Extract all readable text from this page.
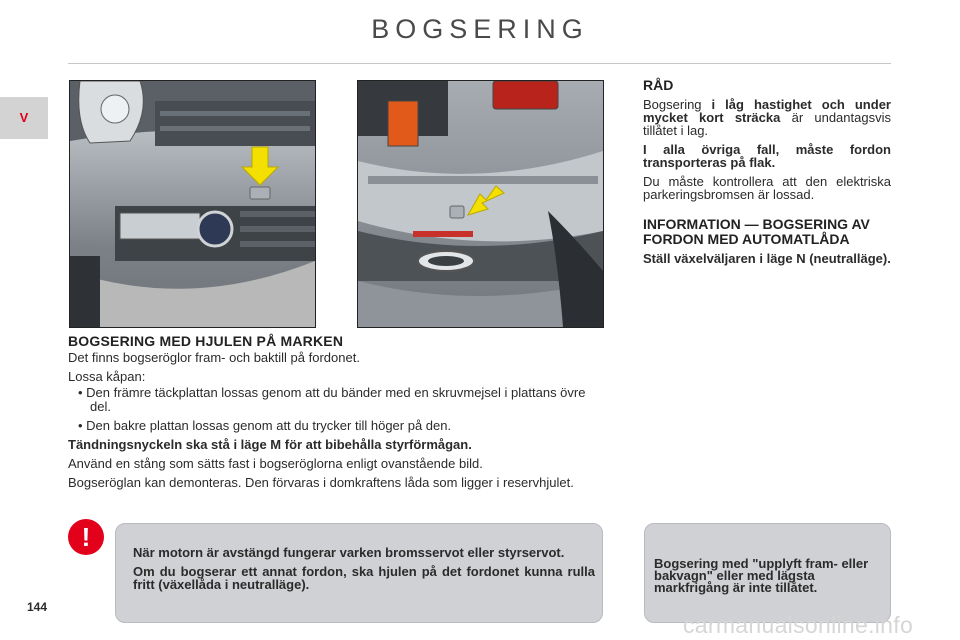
BOGSERING
V
BOGSERING MED HJULEN PÅ MARKEN
Det finns bogseröglor fram- och baktill på fordonet.
Lossa kåpan:
• Den främre täckplattan lossas genom att du bänder med en skruvmejsel i plattans övre del.
• Den bakre plattan lossas genom att du trycker till höger på den.
Tändningsnyckeln ska stå i läge M för att bibehålla styrförmågan.
Använd en stång som sätts fast i bogseröglorna enligt ovanstående bild.
Bogseröglan kan demonteras. Den förvaras i domkraftens låda som ligger i reservhjulet.
RÅD
Bogsering i låg hastighet och under mycket kort sträcka är undantagsvis tillåtet i lag.
I alla övriga fall, måste fordon transporteras på flak.
Du måste kontrollera att den elektriska parkeringsbromsen är lossad.
INFORMATION — BOGSERING AV FORDON MED AUTOMATLÅDA
Ställ växelväljaren i läge N (neutralläge).
!
När motorn är avstängd fungerar varken bromsservot eller styrservot.
Om du bogserar ett annat fordon, ska hjulen på det fordonet kunna rulla fritt (växellåda i neutralläge).
Bogsering med "upplyft fram- eller bakvagn" eller med lägsta markfrigång är inte tillåtet.
144
carmanualsonline.info
